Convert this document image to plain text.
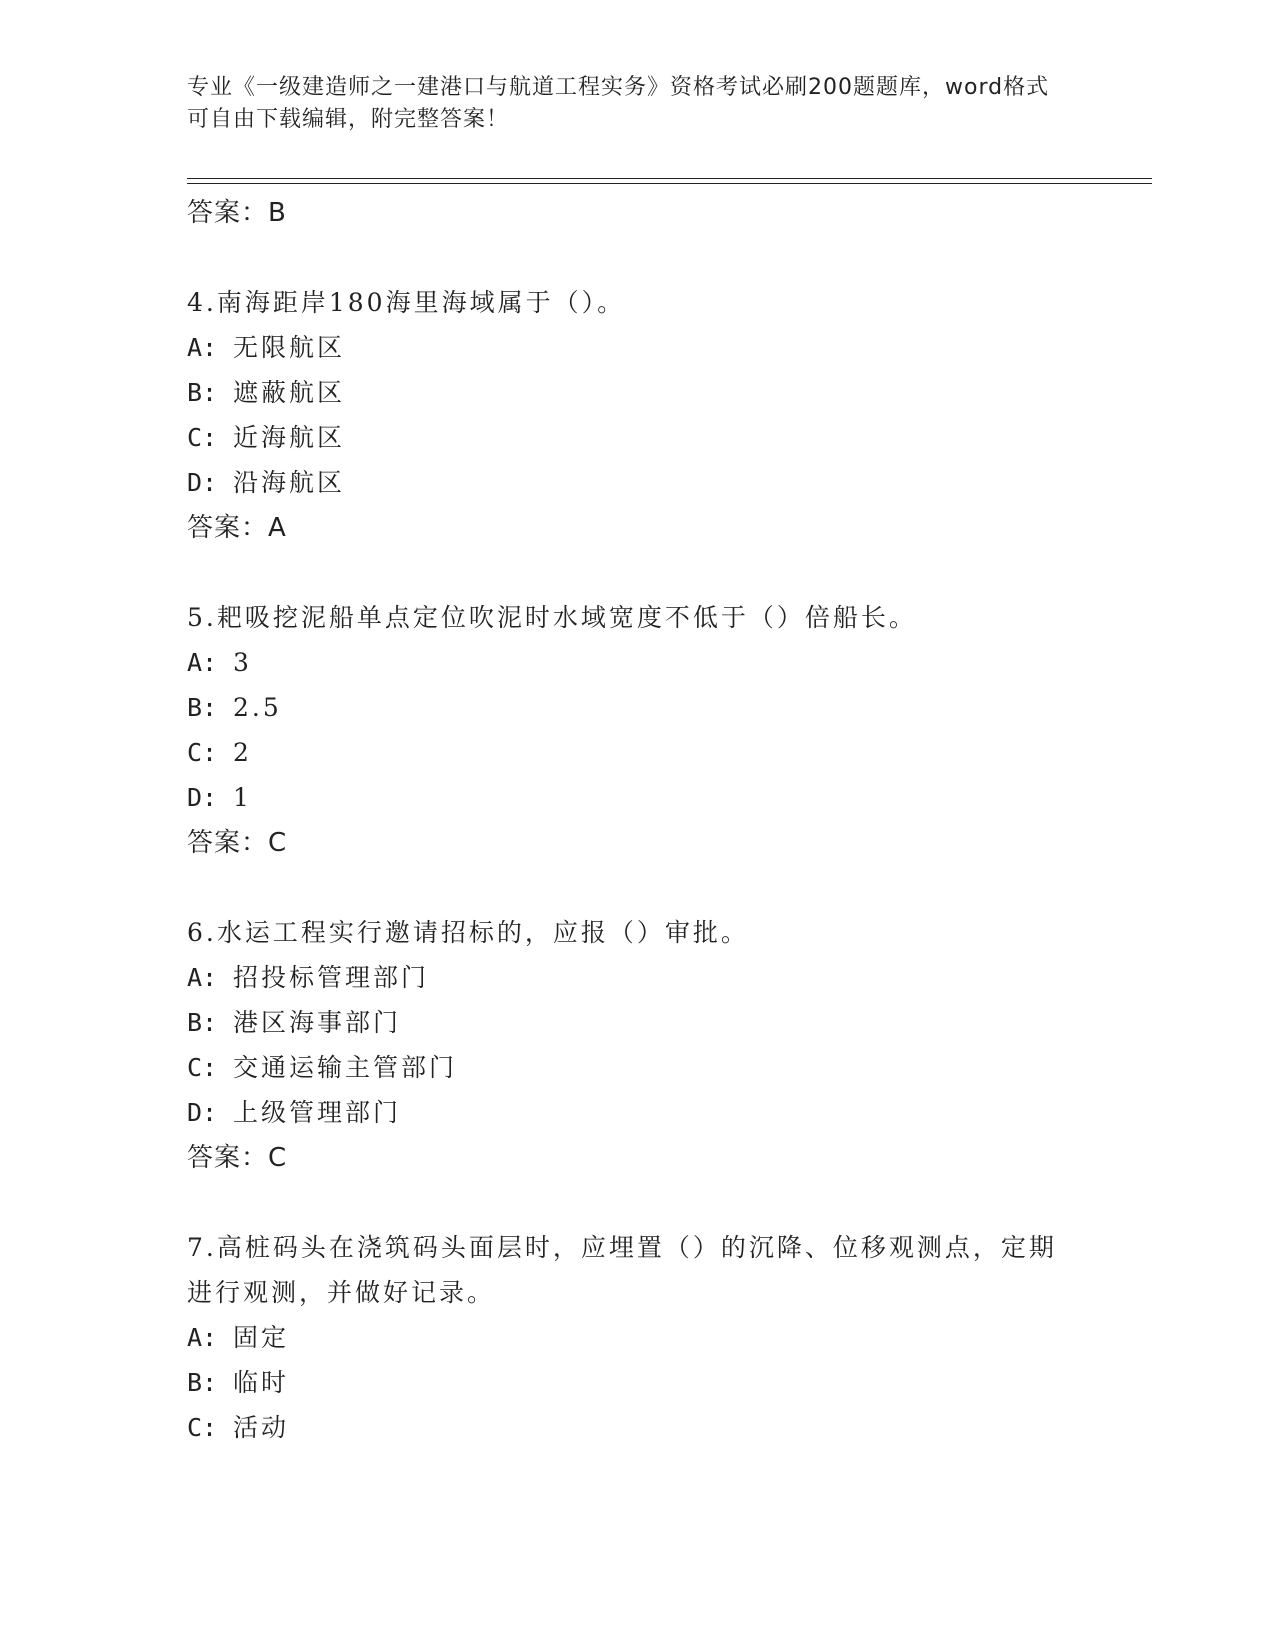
专业《一级建造师之一建港口与航道工程实务》资格考试必刷200题题库，word格式可自由下载编辑，附完整答案！
答案：B
4.南海距岸180海里海域属于（）。
A: 无限航区
B: 遮蔽航区
C: 近海航区
D: 沿海航区
答案：A
5.耙吸挖泥船单点定位吹泥时水域宽度不低于（）倍船长。
A: 3
B: 2.5
C: 2
D: 1
答案：C
6.水运工程实行邀请招标的，应报（）审批。
A: 招投标管理部门
B: 港区海事部门
C: 交通运输主管部门
D: 上级管理部门
答案：C
7.高桩码头在浇筑码头面层时，应埋置（）的沉降、位移观测点，定期进行观测，并做好记录。
A: 固定
B: 临时
C: 活动
